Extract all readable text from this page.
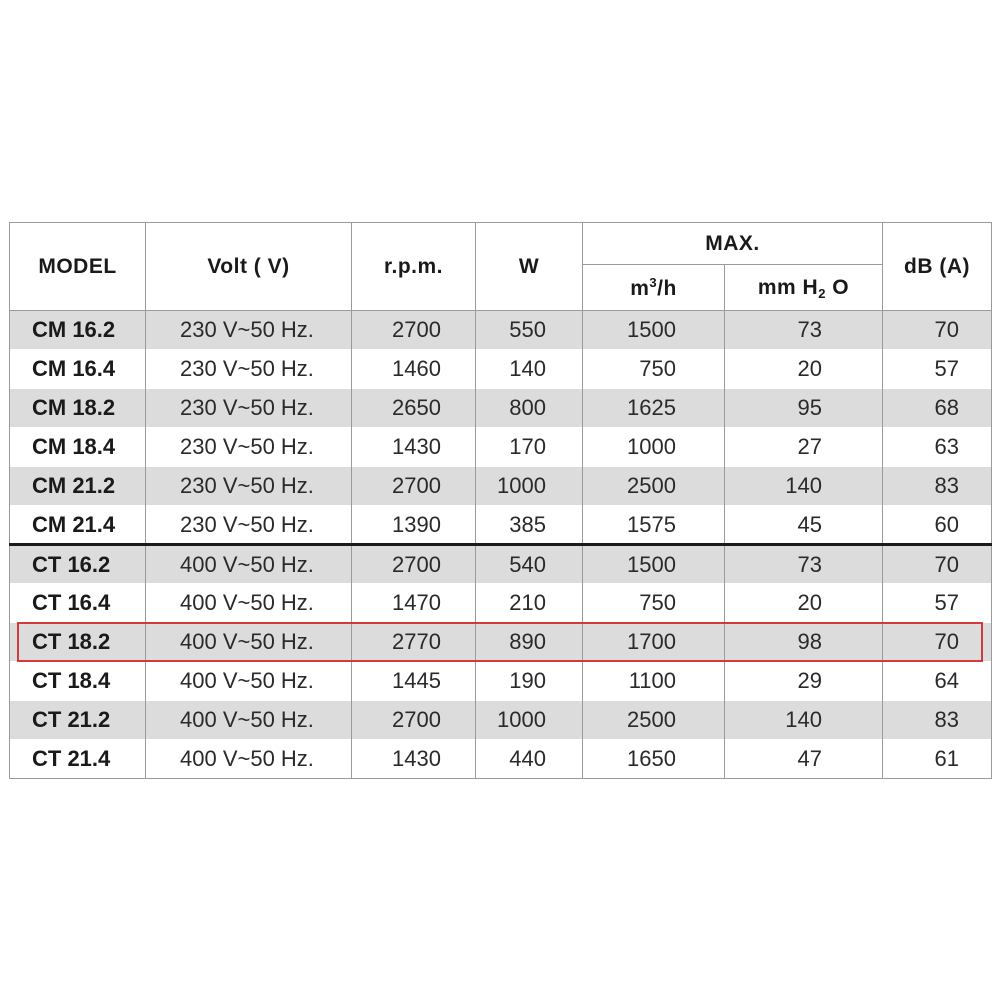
MODEL	Volt ( V)	r.p.m.	W	MAX.		dB (A)
				$m^3/h$	mm $H_2$ O	
CM 16.2	230 V~50 Hz.	2700	550	1500	73	70
CM 16.4	230 V~50 Hz.	1460	140	750	20	57
CM 18.2	230 V~50 Hz.	2650	800	1625	95	68
CM 18.4	230 V~50 Hz.	1430	170	1000	27	63
CM 21.2	230 V~50 Hz.	2700	1000	2500	140	83
CM 21.4	230 V~50 Hz.	1390	385	1575	45	60
CT 16.2	400 V~50 Hz.	2700	540	1500	73	70
CT 16.4	400 V~50 Hz.	1470	210	750	20	57
CT 18.2	400 V~50 Hz.	2770	890	1700	98	70
CT 18.4	400 V~50 Hz.	1445	190	1100	29	64
CT 21.2	400 V~50 Hz.	2700	1000	2500	140	83
CT 21.4	400 V~50 Hz.	1430	440	1650	47	61
